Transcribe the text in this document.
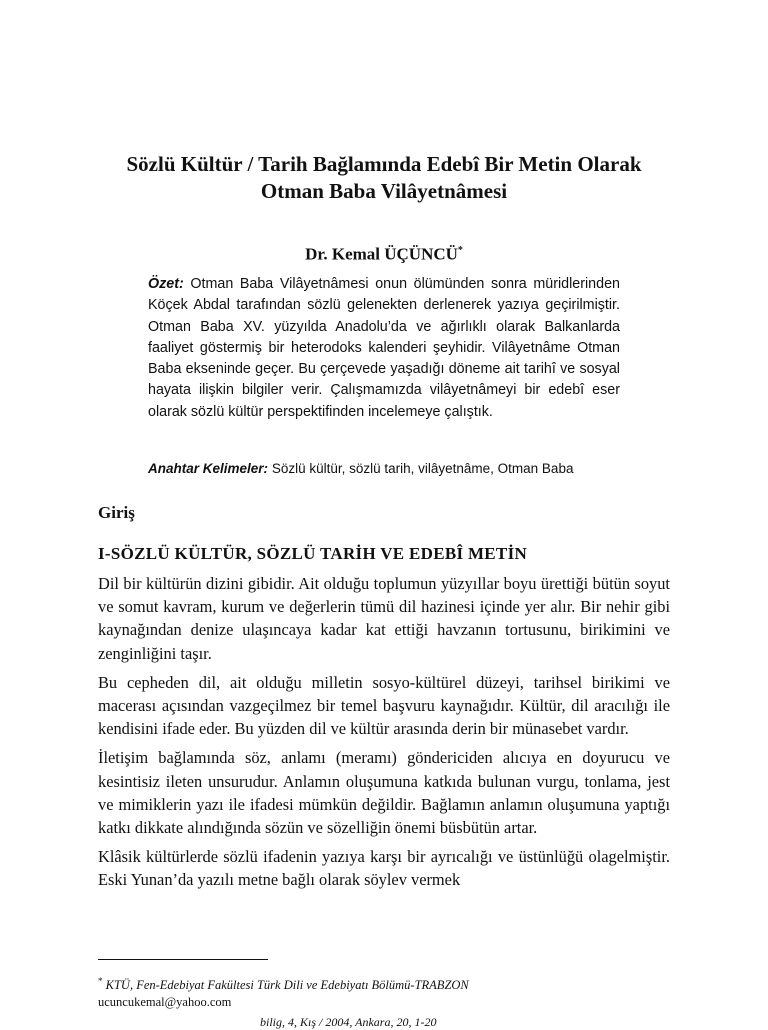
Sözlü Kültür / Tarih Bağlamında Edebî Bir Metin Olarak
Otman Baba Vilâyetnâmesi
Dr. Kemal ÜÇÜNCÜ*

Özet: Otman Baba Vilâyetnâmesi onun ölümünden sonra müridlerinden Köçek Abdal tarafından sözlü gelenekten derlenerek yazıya geçirilmiştir. Otman Baba XV. yüzyılda Anadolu’da ve ağırlıklı olarak Balkanlarda faaliyet göstermiş bir heterodoks kalenderi şeyhidir. Vilâyetnâme Otman Baba ekseninde geçer. Bu çerçevede yaşadığı döneme ait tarihî ve sosyal hayata ilişkin bilgiler verir. Çalışmamızda vilâyetnâmeyi bir edebî eser olarak sözlü kültür perspektifinden incelemeye çalıştık.

Anahtar Kelimeler: Sözlü kültür, sözlü tarih, vilâyetnâme, Otman Baba
Giriş
I-SÖZLÜ KÜLTÜR, SÖZLÜ TARİH VE EDEBÎ METİN

Dil bir kültürün dizini gibidir. Ait olduğu toplumun yüzyıllar boyu ürettiği bütün soyut ve somut kavram, kurum ve değerlerin tümü dil hazinesi içinde yer alır. Bir nehir gibi kaynağından denize ulaşıncaya kadar kat ettiği havzanın tortusunu, birikimini ve zenginliğini taşır.

Bu cepheden dil, ait olduğu milletin sosyo-kültürel düzeyi, tarihsel birikimi ve macerası açısından vazgeçilmez bir temel başvuru kaynağıdır. Kültür, dil aracılığı ile kendisini ifade eder. Bu yüzden dil ve kültür arasında derin bir münasebet vardır.

İletişim bağlamında söz, anlamı (meramı) göndericiden alıcıya en doyurucu ve kesintisiz ileten unsurudur. Anlamın oluşumuna katkıda bulunan vurgu, tonlama, jest ve mimiklerin yazı ile ifadesi mümkün değildir. Bağlamın anlamın oluşumuna yaptığı katkı dikkate alındığında sözün ve sözelliğin önemi büsbütün artar.

Klâsik kültürlerde sözlü ifadenin yazıya karşı bir ayrıcalığı ve üstünlüğü olagelmiştir. Eski Yunan’da yazılı metne bağlı olarak söylev vermek

* KTÜ, Fen-Edebiyat Fakültesi Türk Dili ve Edebiyatı Bölümü-TRABZON
ucuncukemal@yahoo.com
bilig, 4, Kış / 2004, Ankara, 20, 1-20
